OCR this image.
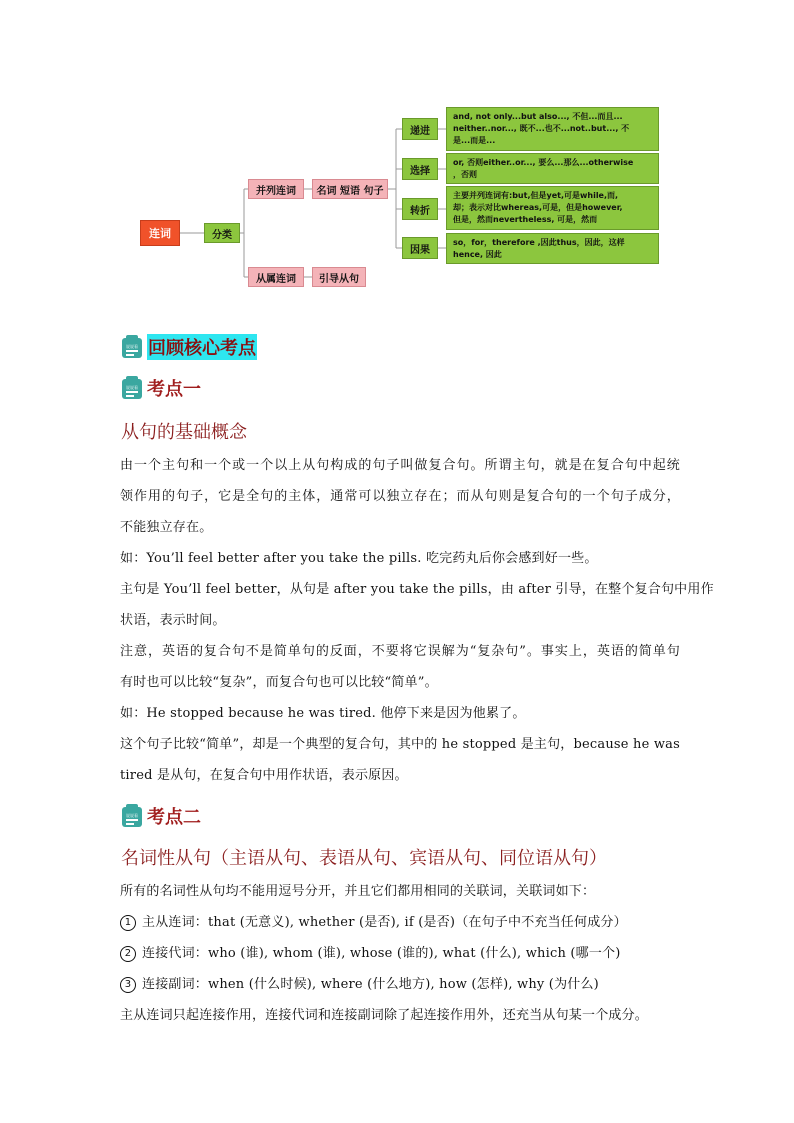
连词	分类
并列连词	名词 短语 句子
从属连词	引导从句
递进
选择
转折
因果
and, not only...but also..., 不但...而且...
neither..nor..., 既不...也不...not..but..., 不
是...而是...
or, 否则either..or..., 要么...那么...otherwise
，否则
主要并列连词有:but,但是yet,可是while,而,
却；表示对比whereas,可是，但是however,
但是，然而nevertheless, 可是，然而
so，for，therefore ,因此thus，因此，这样
hence, 因此
说说看 回顾核心考点
说说看 考点一
从句的基础概念
由一个主句和一个或一个以上从句构成的句子叫做复合句。所谓主句，就是在复合句中起统
领作用的句子，它是全句的主体，通常可以独立存在；而从句则是复合句的一个句子成分，
不能独立存在。
如：You’ll feel better after you take the pills. 吃完药丸后你会感到好一些。
主句是 You’ll feel better，从句是 after you take the pills，由 after 引导，在整个复合句中用作
状语，表示时间。
注意，英语的复合句不是简单句的反面，不要将它误解为“复杂句”。事实上，英语的简单句
有时也可以比较“复杂”，而复合句也可以比较“简单”。
如：He stopped because he was tired. 他停下来是因为他累了。
这个句子比较“简单”，却是一个典型的复合句，其中的 he stopped 是主句，because he was
tired 是从句，在复合句中用作状语，表示原因。
说说看 考点二
名词性从句（主语从句、表语从句、宾语从句、同位语从句）
所有的名词性从句均不能用逗号分开，并且它们都用相同的关联词，关联词如下：
1 主从连词：that (无意义), whether (是否), if (是否)（在句子中不充当任何成分）
2 连接代词：who (谁), whom (谁), whose (谁的), what (什么), which (哪一个)
3 连接副词：when (什么时候), where (什么地方), how (怎样), why (为什么)
主从连词只起连接作用，连接代词和连接副词除了起连接作用外，还充当从句某一个成分。
